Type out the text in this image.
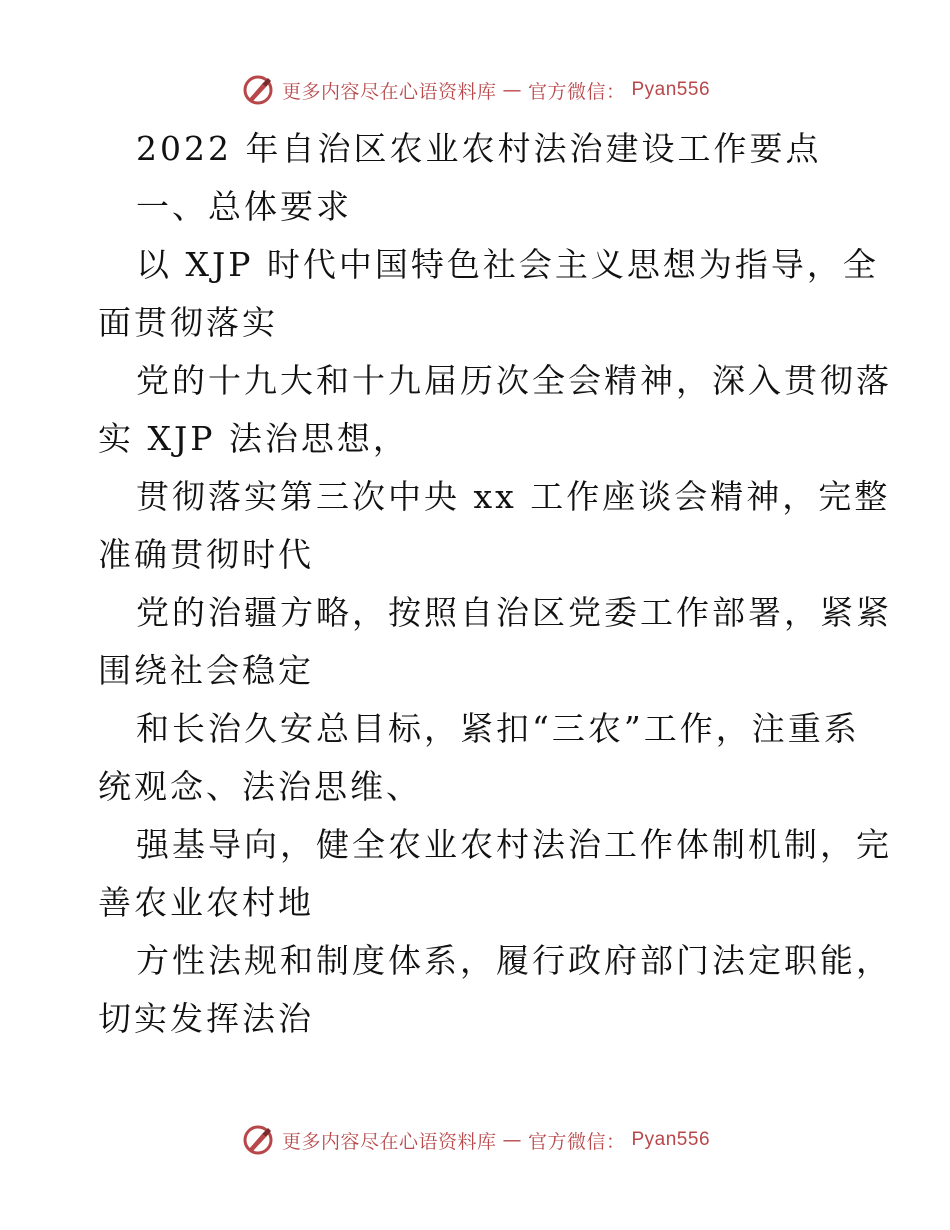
更多内容尽在心语资料库 — 官方微信： Pyan556
2022 年自治区农业农村法治建设工作要点
一、总体要求
以 XJP 时代中国特色社会主义思想为指导，全
面贯彻落实
党的十九大和十九届历次全会精神，深入贯彻落
实 XJP 法治思想，
贯彻落实第三次中央 xx 工作座谈会精神，完整
准确贯彻时代
党的治疆方略，按照自治区党委工作部署，紧紧
围绕社会稳定
和长治久安总目标，紧扣“三农”工作，注重系
统观念、法治思维、
强基导向，健全农业农村法治工作体制机制，完
善农业农村地
方性法规和制度体系，履行政府部门法定职能，
切实发挥法治
更多内容尽在心语资料库 — 官方微信： Pyan556
